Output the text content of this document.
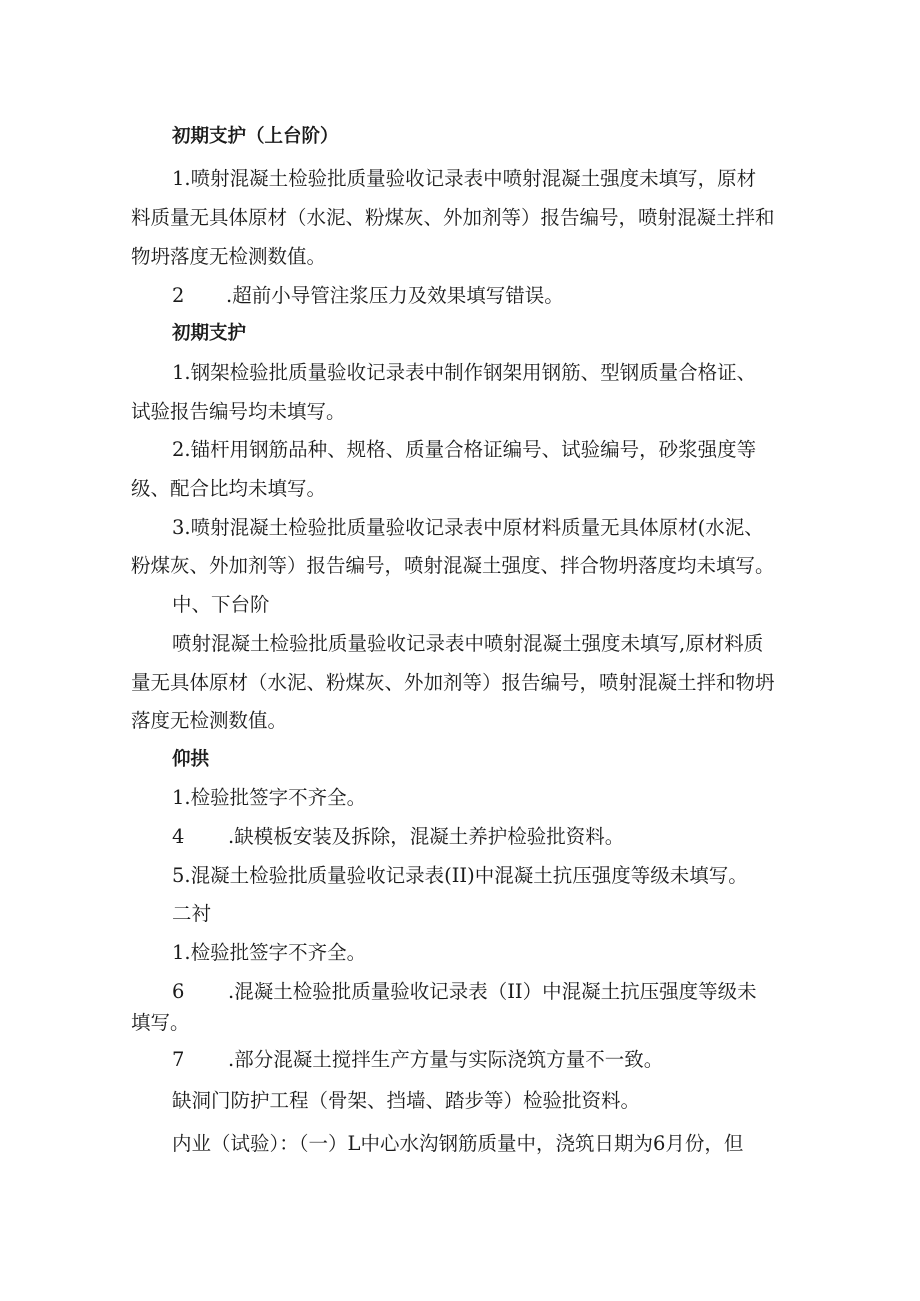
初期支护（上台阶）
1.喷射混凝土检验批质量验收记录表中喷射混凝土强度未填写，原材
料质量无具体原材（水泥、粉煤灰、外加剂等）报告编号，喷射混凝土拌和
物坍落度无检测数值。
2 .超前小导管注浆压力及效果填写错误。
初期支护
1.钢架检验批质量验收记录表中制作钢架用钢筋、型钢质量合格证、
试验报告编号均未填写。
2.锚杆用钢筋品种、规格、质量合格证编号、试验编号，砂浆强度等
级、配合比均未填写。
3.喷射混凝土检验批质量验收记录表中原材料质量无具体原材(水泥、
粉煤灰、外加剂等）报告编号，喷射混凝土强度、拌合物坍落度均未填写。
中、下台阶
喷射混凝土检验批质量验收记录表中喷射混凝土强度未填写,原材料质
量无具体原材（水泥、粉煤灰、外加剂等）报告编号，喷射混凝土拌和物坍
落度无检测数值。
仰拱
1.检验批签字不齐全。
4 .缺模板安装及拆除，混凝土养护检验批资料。
5.混凝土检验批质量验收记录表(II)中混凝土抗压强度等级未填写。
二衬
1.检验批签字不齐全。
6 .混凝土检验批质量验收记录表（II）中混凝土抗压强度等级未
填写。
7 .部分混凝土搅拌生产方量与实际浇筑方量不一致。
缺洞门防护工程（骨架、挡墙、踏步等）检验批资料。
内业（试验）：（一）L中心水沟钢筋质量中，浇筑日期为6月份，但
